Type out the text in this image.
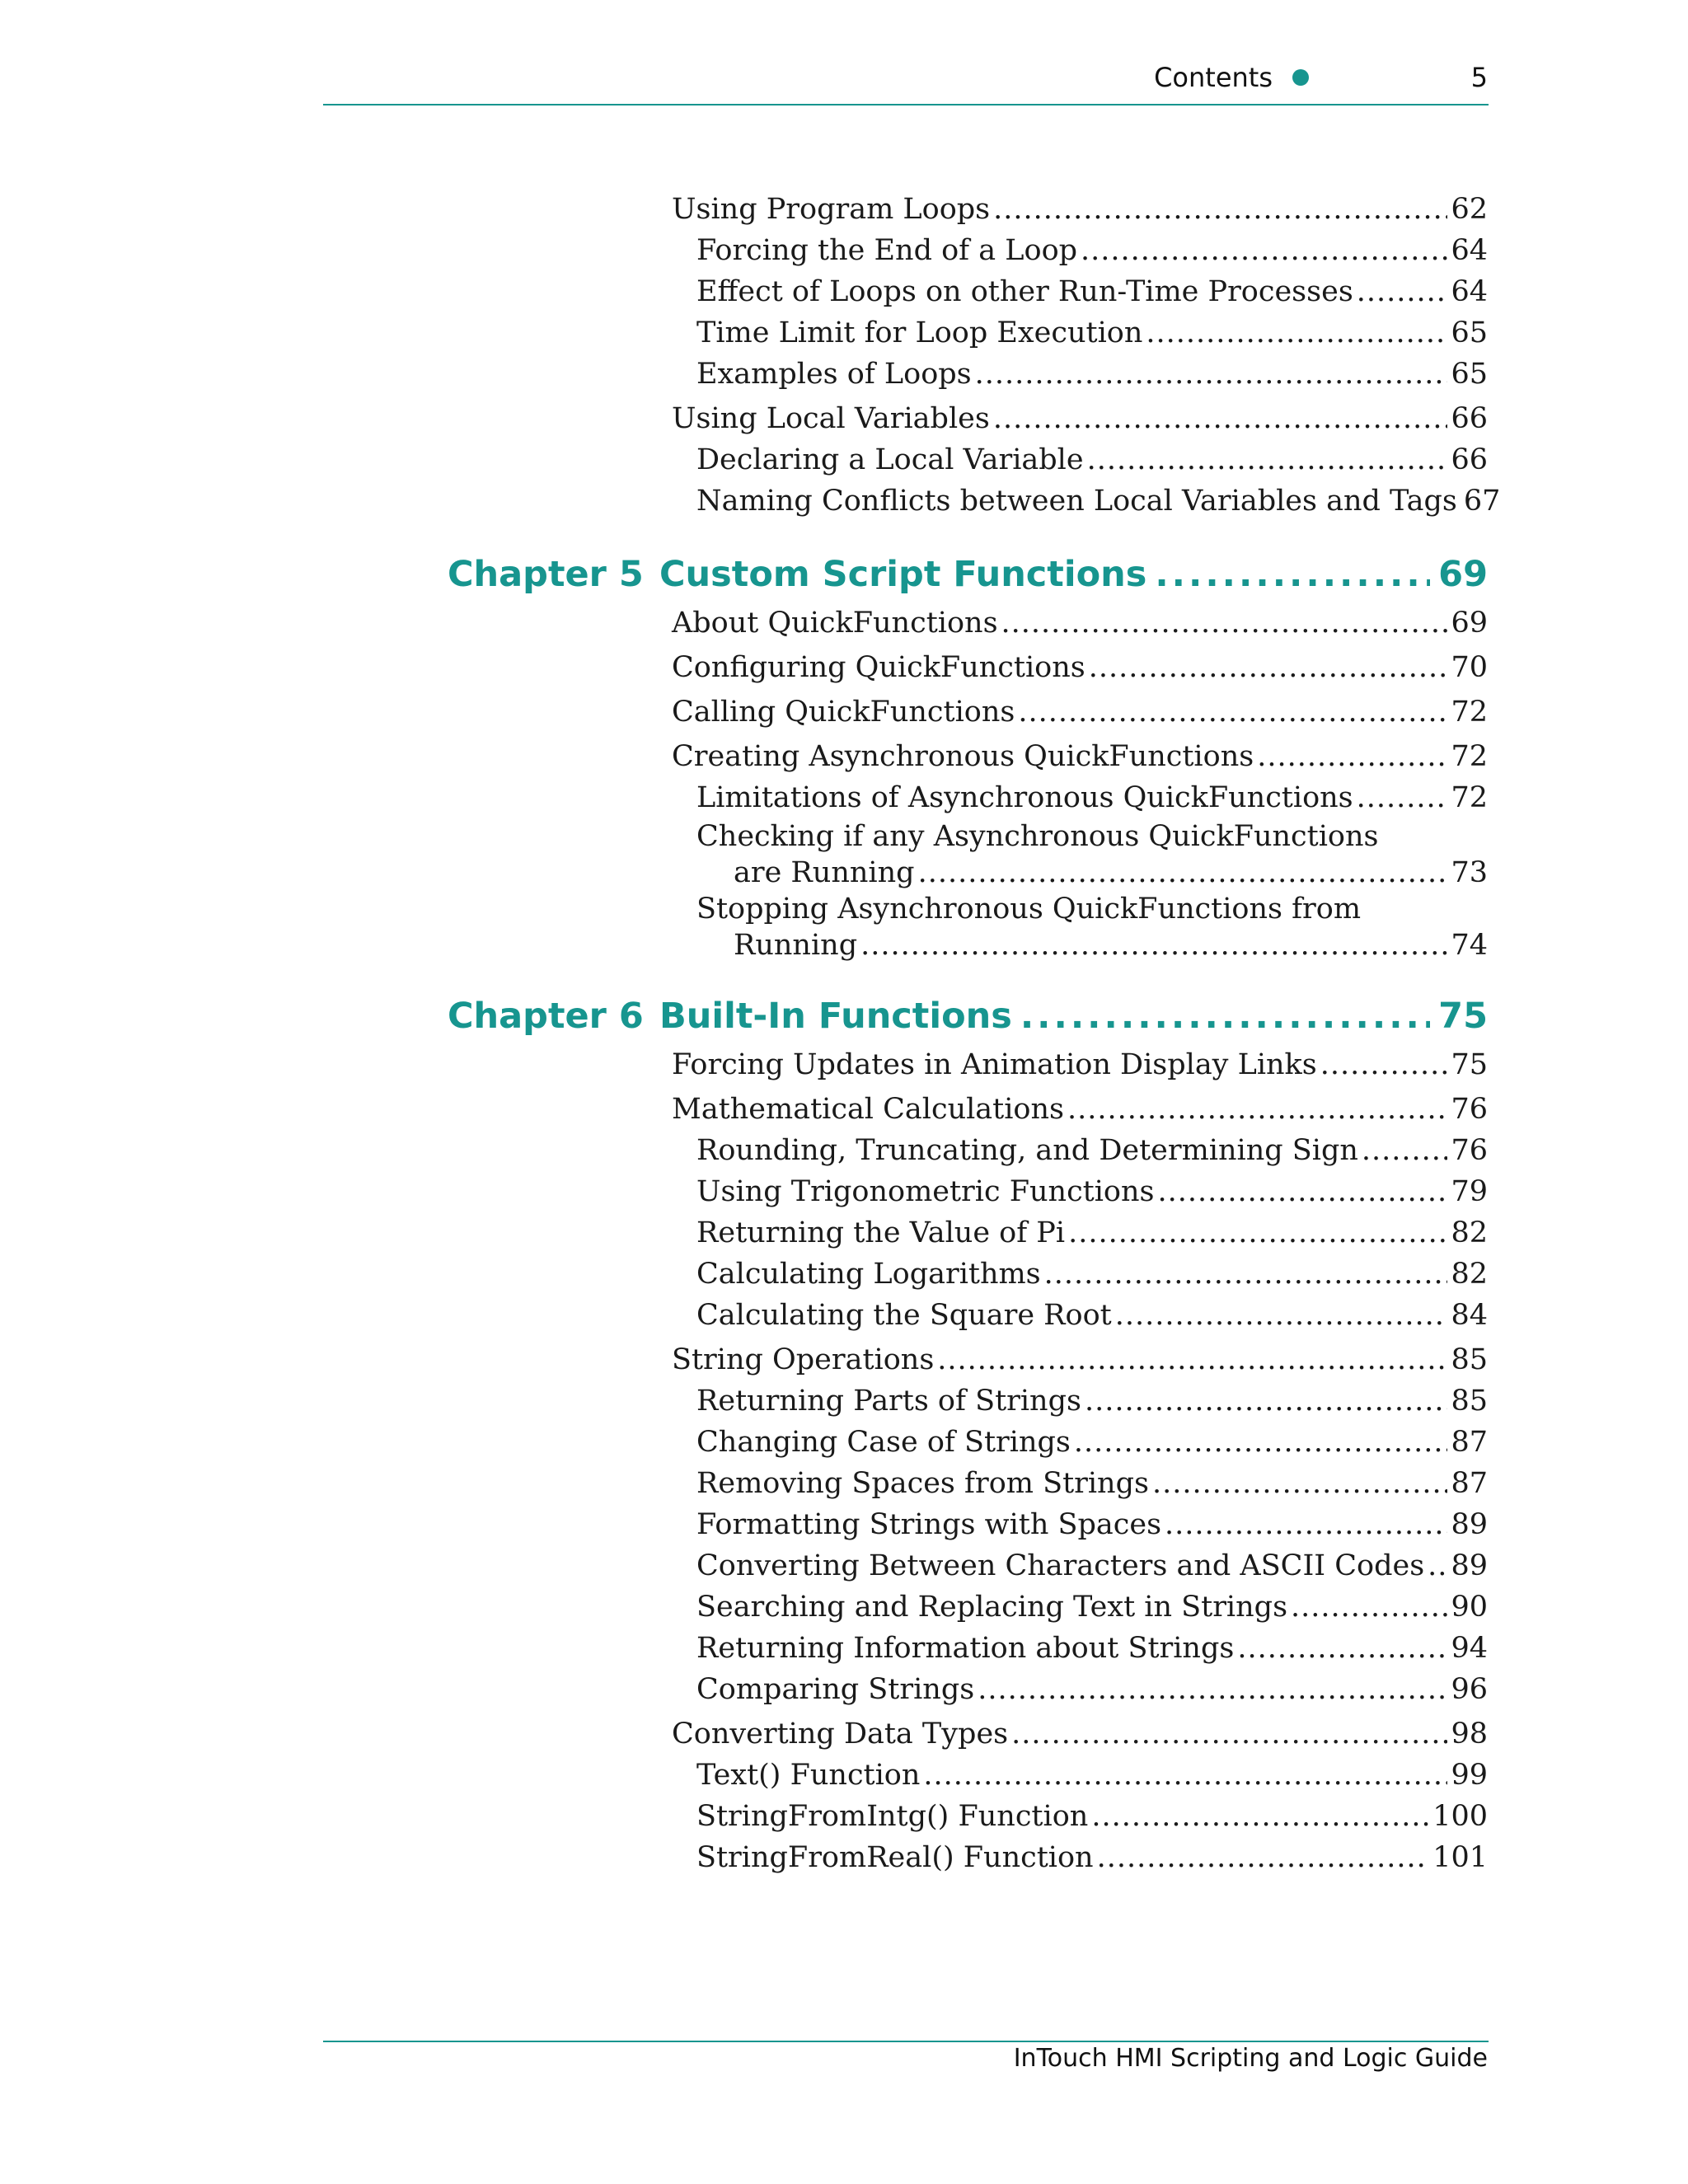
Contents	5
Using Program Loops .....	62
Forcing the End of a Loop .....	64
Effect of Loops on other Run-Time Processes .....	64
Time Limit for Loop Execution .....	65
Examples of Loops .....	65
Using Local Variables .....	66
Declaring a Local Variable .....	66
Naming Conflicts between Local Variables and Tags 67
Chapter 5 Custom Script Functions .....	69
About QuickFunctions .....	69
Configuring QuickFunctions .....	70
Calling QuickFunctions .....	72
Creating Asynchronous QuickFunctions .....	72
Limitations of Asynchronous QuickFunctions .....	72
Checking if any Asynchronous QuickFunctions
are Running .....	73
Stopping Asynchronous QuickFunctions from
Running .....	74
Chapter 6 Built-In Functions .....	75
Forcing Updates in Animation Display Links .....	75
Mathematical Calculations .....	76
Rounding, Truncating, and Determining Sign .....	76
Using Trigonometric Functions .....	79
Returning the Value of Pi .....	82
Calculating Logarithms .....	82
Calculating the Square Root .....	84
String Operations .....	85
Returning Parts of Strings .....	85
Changing Case of Strings .....	87
Removing Spaces from Strings .....	87
Formatting Strings with Spaces .....	89
Converting Between Characters and ASCII Codes ..... 89
Searching and Replacing Text in Strings .....	90
Returning Information about Strings .....	94
Comparing Strings .....	96
Converting Data Types .....	98
Text() Function .....	99
StringFromIntg() Function .....	100
StringFromReal() Function .....	101
InTouch HMI Scripting and Logic Guide
